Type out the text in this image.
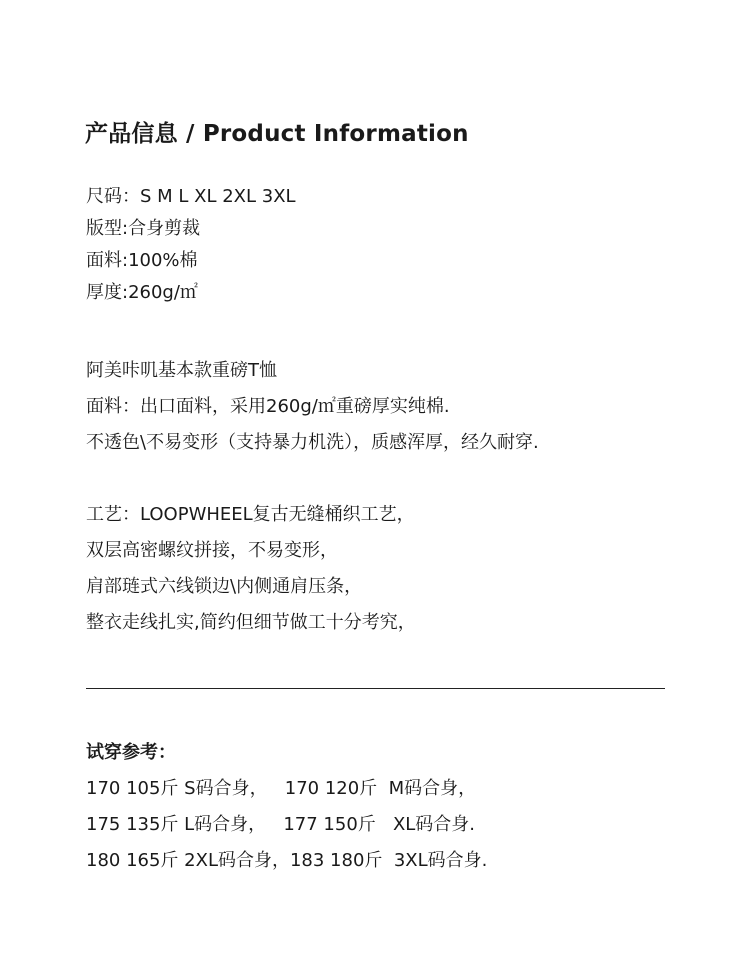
产品信息 / Product Information

尺码：S M L XL 2XL 3XL

版型:合身剪裁

面料:100%棉

厚度:260g/㎡

阿美咔叽基本款重磅T恤

面料：出口面料，采用260g/㎡重磅厚实纯棉.

不透色\不易变形（支持暴力机洗），质感浑厚，经久耐穿.

工艺：LOOPWHEEL复古无缝桶织工艺，

双层高密螺纹拼接，不易变形，

肩部琏式六线锁边\内侧通肩压条，

整衣走线扎实,简约但细节做工十分考究，

试穿参考：

170 105斤 S码合身，   170 120斤  M码合身，

175 135斤 L码合身，   177 150斤   XL码合身.

180 165斤 2XL码合身，183 180斤  3XL码合身.
